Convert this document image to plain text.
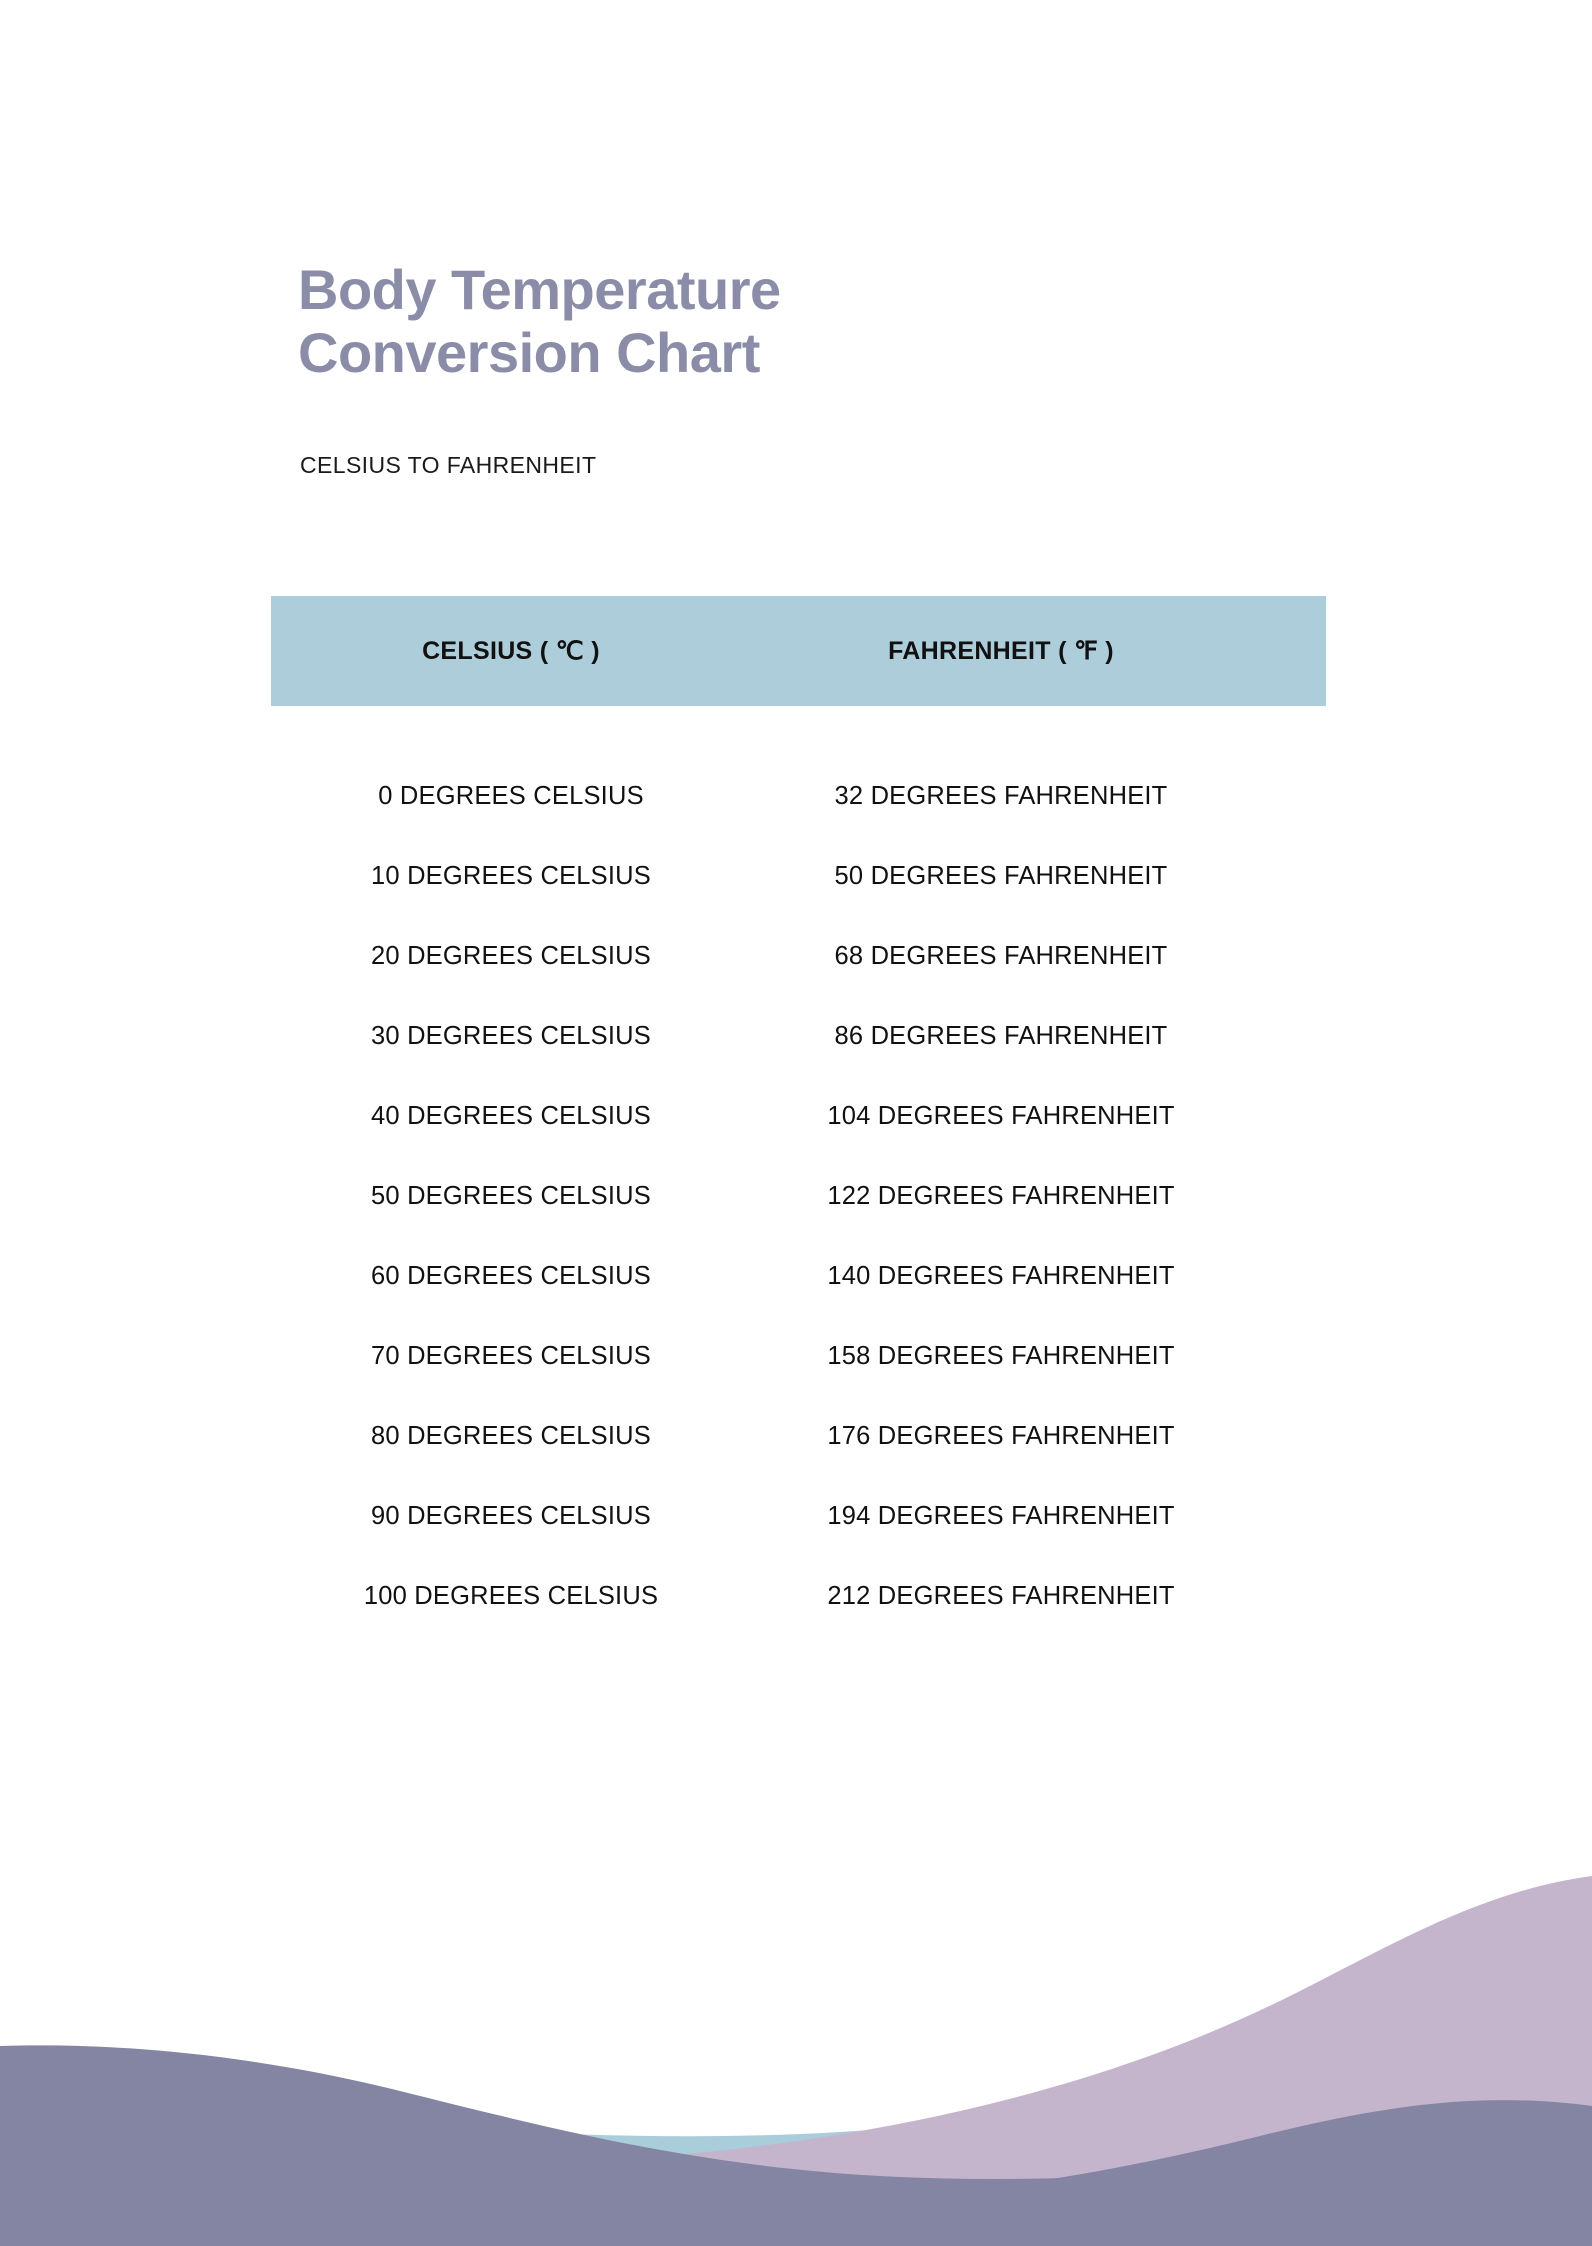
Body Temperature Conversion Chart
CELSIUS TO FAHRENHEIT
CELSIUS ( ℃ )	FAHRENHEIT ( ℉ )
0 DEGREES CELSIUS	32 DEGREES FAHRENHEIT
10 DEGREES CELSIUS	50 DEGREES FAHRENHEIT
20 DEGREES CELSIUS	68 DEGREES FAHRENHEIT
30 DEGREES CELSIUS	86 DEGREES FAHRENHEIT
40 DEGREES CELSIUS	104 DEGREES FAHRENHEIT
50 DEGREES CELSIUS	122 DEGREES FAHRENHEIT
60 DEGREES CELSIUS	140 DEGREES FAHRENHEIT
70 DEGREES CELSIUS	158 DEGREES FAHRENHEIT
80 DEGREES CELSIUS	176 DEGREES FAHRENHEIT
90 DEGREES CELSIUS	194 DEGREES FAHRENHEIT
100 DEGREES CELSIUS	212 DEGREES FAHRENHEIT
